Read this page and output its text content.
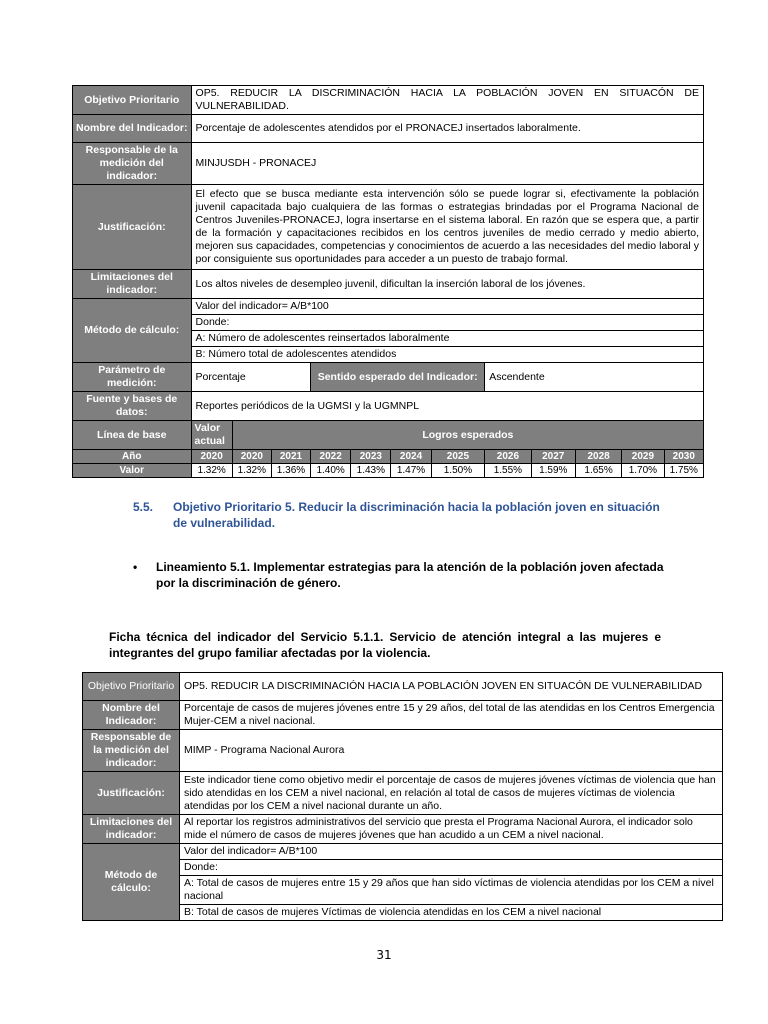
Objetivo Prioritario	OP5. REDUCIR LA DISCRIMINACIÓN HACIA LA POBLACIÓN JOVEN EN SITUACÓN DE VULNERABILIDAD.											
Nombre del Indicador:	Porcentaje de adolescentes atendidos por el PRONACEJ insertados laboralmente.											
Responsable de la medición del indicador:	MINJUSDH - PRONACEJ											
Justificación:	El efecto que se busca mediante esta intervención sólo se puede lograr si, efectivamente la población juvenil capacitada bajo cualquiera de las formas o estrategias brindadas por el Programa Nacional de Centros Juveniles-PRONACEJ, logra insertarse en el sistema laboral. En razón que se espera que, a partir de la formación y capacitaciones recibidos en los centros juveniles de medio cerrado y medio abierto, mejoren sus capacidades, competencias y conocimientos de acuerdo a las necesidades del medio laboral y por consiguiente sus oportunidades para acceder a un puesto de trabajo formal.											
Limitaciones del indicador:	Los altos niveles de desempleo juvenil, dificultan la inserción laboral de los jóvenes.											
Método de cálculo:	Valor del indicador= A/B*100											
	Donde:											
	A: Número de adolescentes reinsertados laboralmente											
	B: Número total de adolescentes atendidos											
Parámetro de medición:	Porcentaje			Sentido esperado del Indicador:				Ascendente				
Fuente y bases de datos:	Reportes periódicos de la UGMSI y la UGMNPL											
Línea de base	Valor actual	Logros esperados										
Año	2020	2020	2021	2022	2023	2024	2025	2026	2027	2028	2029	2030
Valor	1.32%	1.32%	1.36%	1.40%	1.43%	1.47%	1.50%	1.55%	1.59%	1.65%	1.70%	1.75%
5.5. Objetivo Prioritario 5. Reducir la discriminación hacia la población joven en situación de vulnerabilidad.
• Lineamiento 5.1. Implementar estrategias para la atención de la población joven afectada por la discriminación de género.
Ficha técnica del indicador del Servicio 5.1.1. Servicio de atención integral a las mujeres e integrantes del grupo familiar afectadas por la violencia.
Objetivo Prioritario	OP5. REDUCIR LA DISCRIMINACIÓN HACIA LA POBLACIÓN JOVEN EN SITUACÓN DE VULNERABILIDAD
Nombre del Indicador:	Porcentaje de casos de mujeres jóvenes entre 15 y 29 años, del total de las atendidas en los Centros Emergencia Mujer-CEM a nivel nacional.
Responsable de la medición del indicador:	MIMP - Programa Nacional Aurora
Justificación:	Este indicador tiene como objetivo medir el porcentaje de casos de mujeres jóvenes víctimas de violencia que han sido atendidas en los CEM a nivel nacional, en relación al total de casos de mujeres víctimas de violencia atendidas por los CEM a nivel nacional durante un año.
Limitaciones del indicador:	Al reportar los registros administrativos del servicio que presta el Programa Nacional Aurora, el indicador solo mide el número de casos de mujeres jóvenes que han acudido a un CEM a nivel nacional.
Método de cálculo:	Valor del indicador= A/B*100
	Donde:
	A: Total de casos de mujeres entre 15 y 29 años que han sido víctimas de violencia atendidas por los CEM a nivel nacional
	B: Total de casos de mujeres Víctimas de violencia atendidas en los CEM a nivel nacional
31
